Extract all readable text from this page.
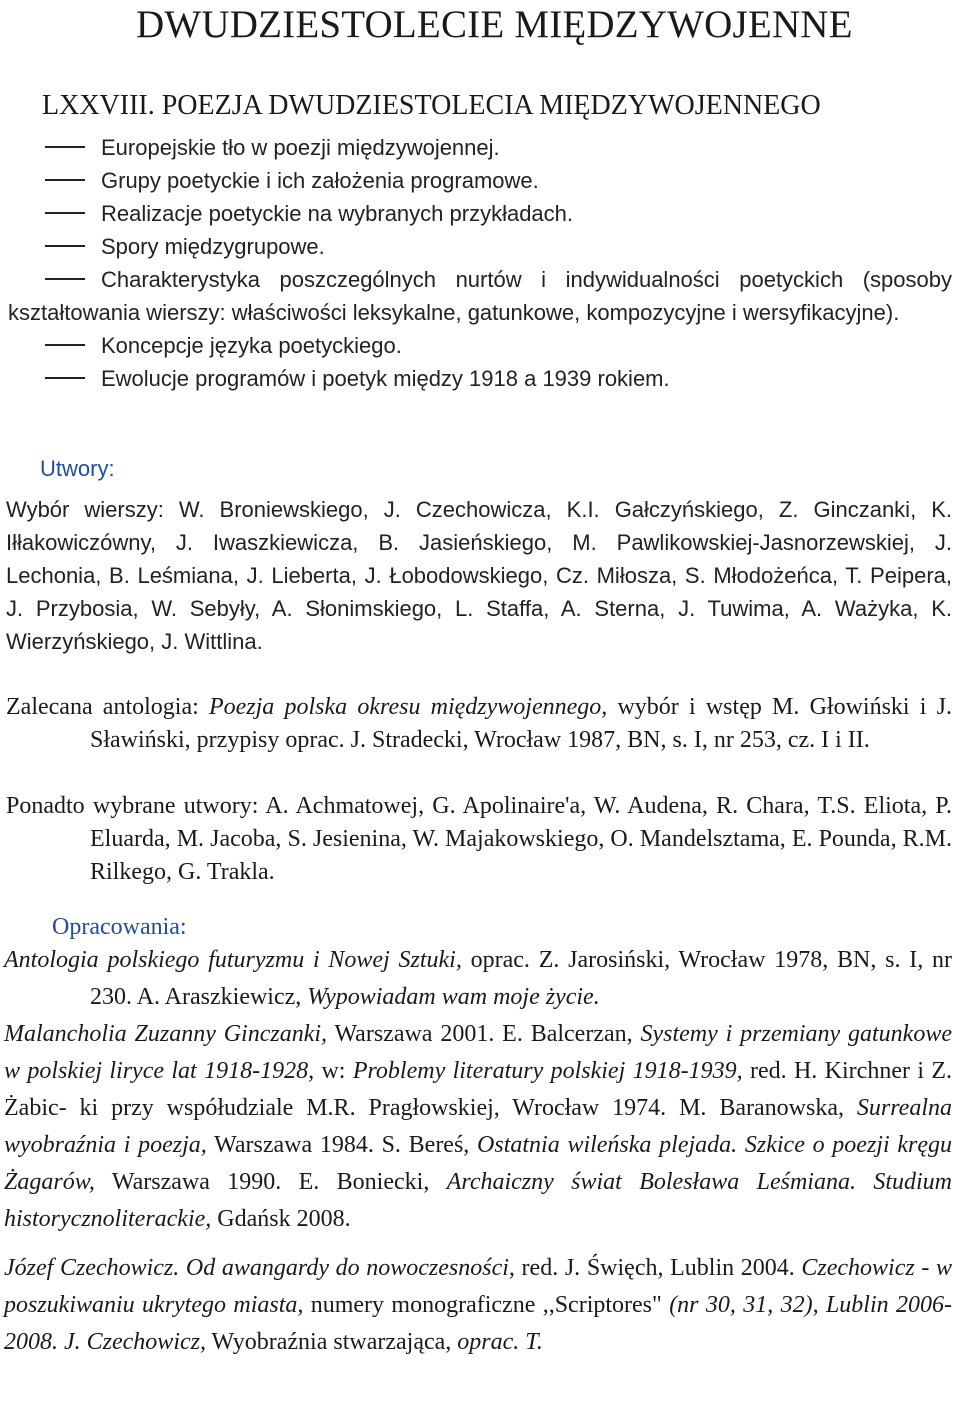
DWUDZIESTOLECIE MIĘDZYWOJENNE
LXXVIII. POEZJA DWUDZIESTOLECIA MIĘDZYWOJENNEGO
Europejskie tło w poezji międzywojennej.
Grupy poetyckie i ich założenia programowe.
Realizacje poetyckie na wybranych przykładach.
Spory międzygrupowe.
Charakterystyka poszczególnych nurtów i indywidualności poetyckich (sposoby kształtowania wierszy: właściwości leksykalne, gatunkowe, kompozycyjne i wersyfikacyjne).
Koncepcje języka poetyckiego.
Ewolucje programów i poetyk między 1918 a 1939 rokiem.
Utwory:
Wybór wierszy: W. Broniewskiego, J. Czechowicza, K.I. Gałczyńskiego, Z. Ginczanki, K. Iłłakowiczówny, J. Iwaszkiewicza, B. Jasieńskiego, M. Pawlikowskiej-Jasnorzewskiej, J. Lechonia, B. Leśmiana, J. Lieberta, J. Łobodowskiego, Cz. Miłosza, S. Młodożeńca, T. Peipera, J. Przybosia, W. Sebyły, A. Słonimskiego, L. Staffa, A. Sterna, J. Tuwima, A. Ważyka, K. Wierzyńskiego, J. Wittlina.
Zalecana antologia: Poezja polska okresu międzywojennego, wybór i wstęp M. Głowiński i J. Sławiński, przypisy oprac. J. Stradecki, Wrocław 1987, BN, s. I, nr 253, cz. I i II.
Ponadto wybrane utwory: A. Achmatowej, G. Apolinaire'a, W. Audena, R. Chara, T.S. Eliota, P. Eluarda, M. Jacoba, S. Jesienina, W. Majakowskiego, O. Mandelsztama, E. Pounda, R.M. Rilkego, G. Trakla.
Opracowania:

Antologia polskiego futuryzmu i Nowej Sztuki, oprac. Z. Jarosiński, Wrocław 1978, BN, s. I, nr 230. A. Araszkiewicz, Wypowiadam wam moje życie.

Malancholia Zuzanny Ginczanki, Warszawa 2001. E. Balcerzan, Systemy i przemiany gatunkowe w polskiej liryce lat 1918-1928, w: Problemy literatury polskiej 1918-1939, red. H. Kirchner i Z. Żabic- ki przy współudziale M.R. Pragłowskiej, Wrocław 1974. M. Baranowska, Surrealna wyobraźnia i poezja, Warszawa 1984. S. Bereś, Ostatnia wileńska plejada. Szkice o poezji kręgu Żagarów, Warszawa 1990. E. Boniecki, Archaiczny świat Bolesława Leśmiana. Studium historycznoliterackie, Gdańsk 2008.

Józef Czechowicz. Od awangardy do nowoczesności, red. J. Święch, Lublin 2004. Czechowicz - w poszukiwaniu ukrytego miasta, numery monograficzne ,,Scriptores" (nr 30, 31, 32), Lublin 2006-2008. J. Czechowicz, Wyobraźnia stwarzająca, oprac. T.
